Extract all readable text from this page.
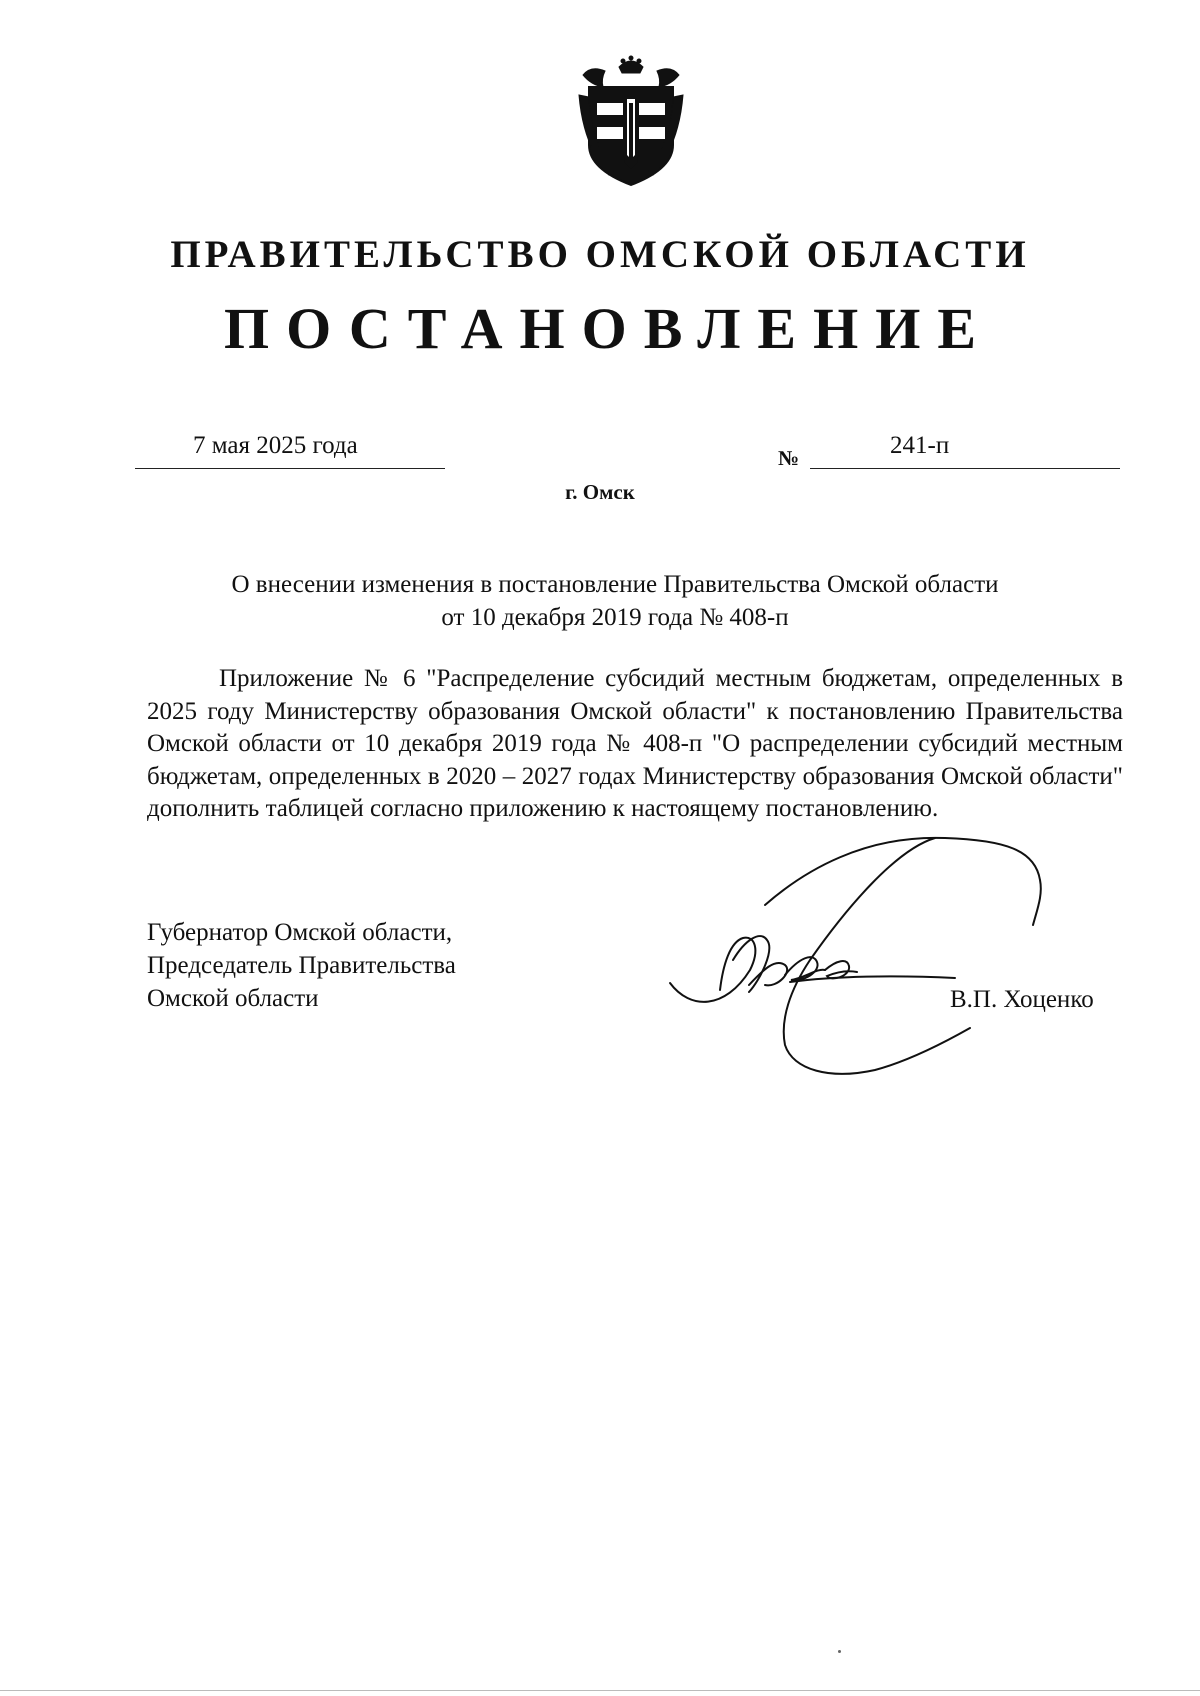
ПРАВИТЕЛЬСТВО ОМСКОЙ ОБЛАСТИ
ПОСТАНОВЛЕНИЕ
7 мая 2025 года	№	241-п
г. Омск
О внесении изменения в постановление Правительства Омской области
от 10 декабря 2019 года № 408-п
Приложение № 6 "Распределение субсидий местным бюджетам, определенных в 2025 году Министерству образования Омской области" к постановлению Правительства Омской области от 10 декабря 2019 года № 408-п "О распределении субсидий местным бюджетам, определенных в 2020 – 2027 годах Министерству образования Омской области" дополнить таблицей согласно приложению к настоящему постановлению.
Губернатор Омской области,
Председатель Правительства
Омской области	В.П. Хоценко
